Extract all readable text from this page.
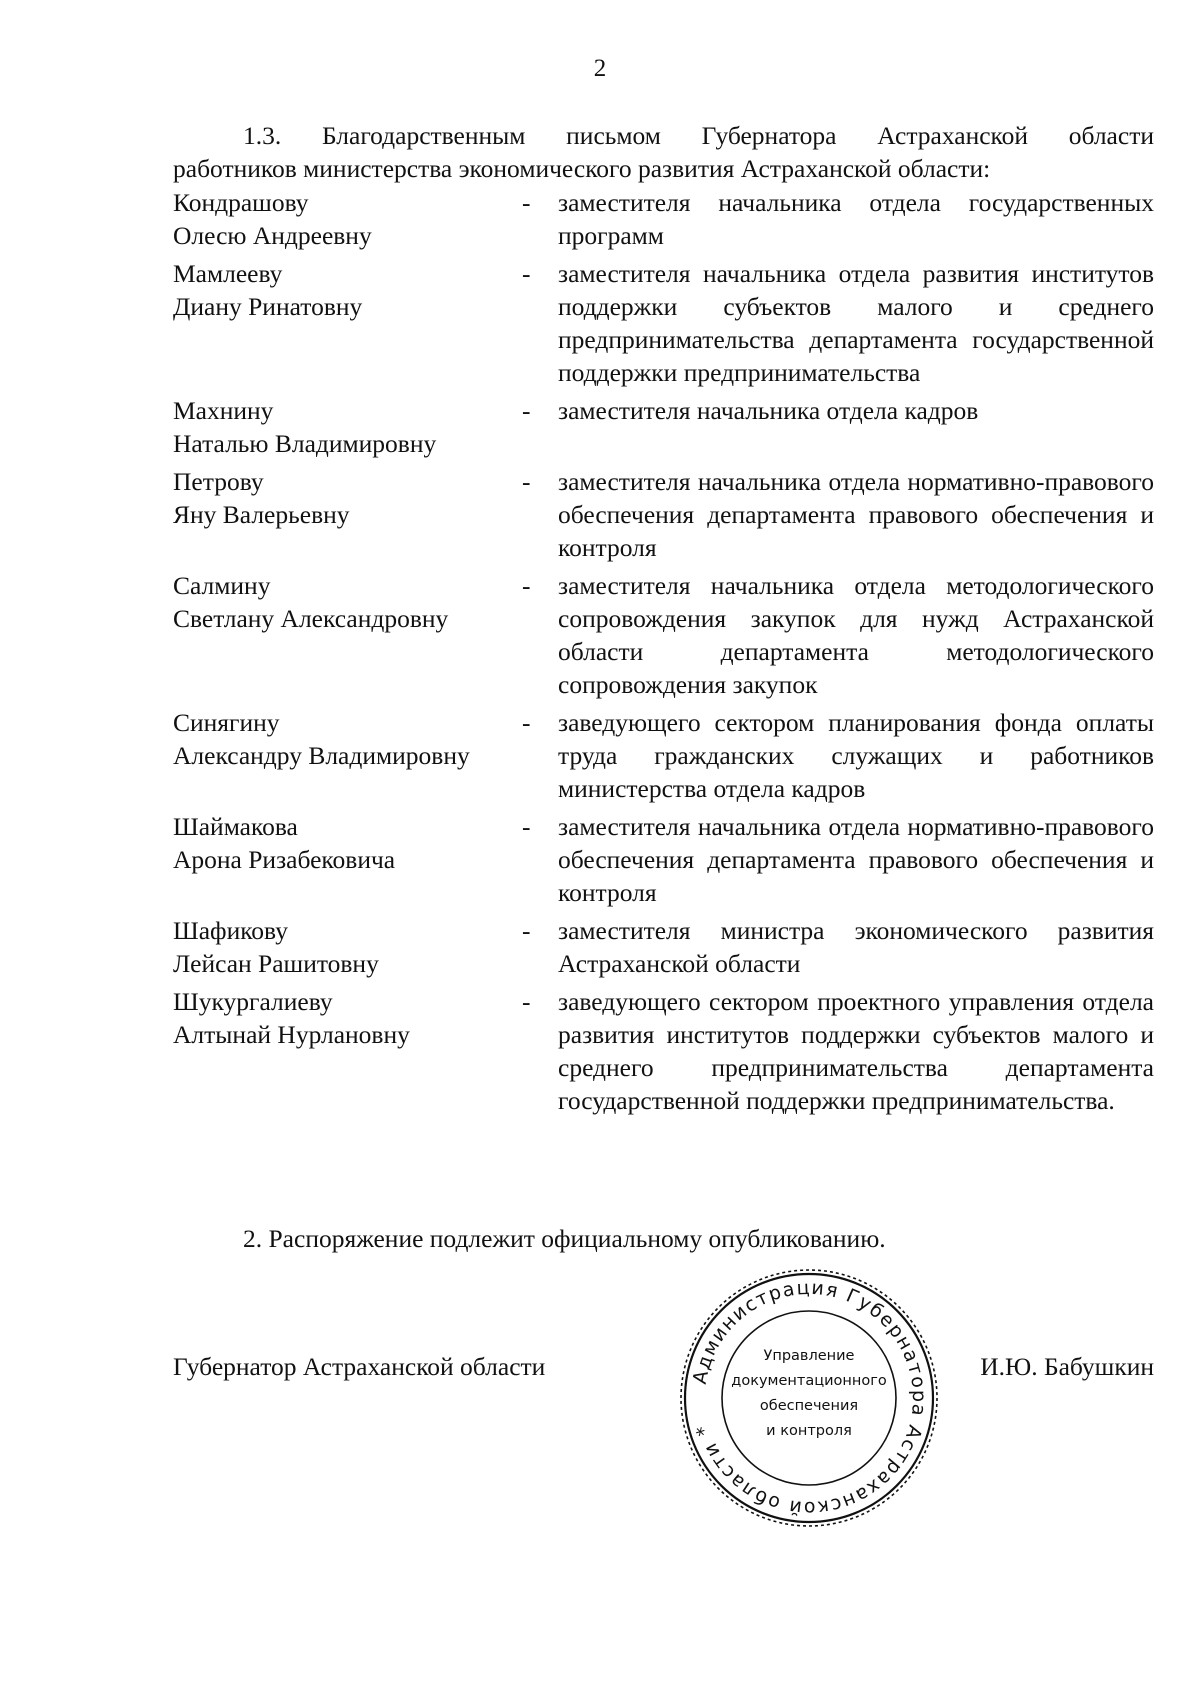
2
1.3. Благодарственным письмом Губернатора Астраханской области
работников министерства экономического развития Астраханской области:
Кондрашову
Олесю Андреевну
-	заместителя начальника отдела государственных программ
Мамлееву
Диану Ринатовну
-	заместителя начальника отдела развития институтов поддержки субъектов малого и среднего предпринимательства департамента государственной поддержки предпринимательства
Махнину
Наталью Владимировну
-	заместителя начальника отдела кадров
Петрову
Яну Валерьевну
-	заместителя начальника отдела нормативно-правового обеспечения департамента правового обеспечения и контроля
Салмину
Светлану Александровну
-	заместителя начальника отдела методологического сопровождения закупок для нужд Астраханской области департамента методологического сопровождения закупок
Синягину
Александру Владимировну
-	заведующего сектором планирования фонда оплаты труда гражданских служащих и работников министерства отдела кадров
Шаймакова
Арона Ризабековича
-	заместителя начальника отдела нормативно-правового обеспечения департамента правового обеспечения и контроля
Шафикову
Лейсан Рашитовну
-	заместителя министра экономического развития Астраханской области
Шукургалиеву
Алтынай Нурлановну
-	заведующего сектором проектного управления отдела развития институтов поддержки субъектов малого и среднего предпринимательства департамента государственной поддержки предпринимательства.
2. Распоряжение подлежит официальному опубликованию.
Губернатор Астраханской области	И.Ю. Бабушкин
Администрация Губернатора Астраханской области *
Управление
документационного
обеспечения
и контроля
